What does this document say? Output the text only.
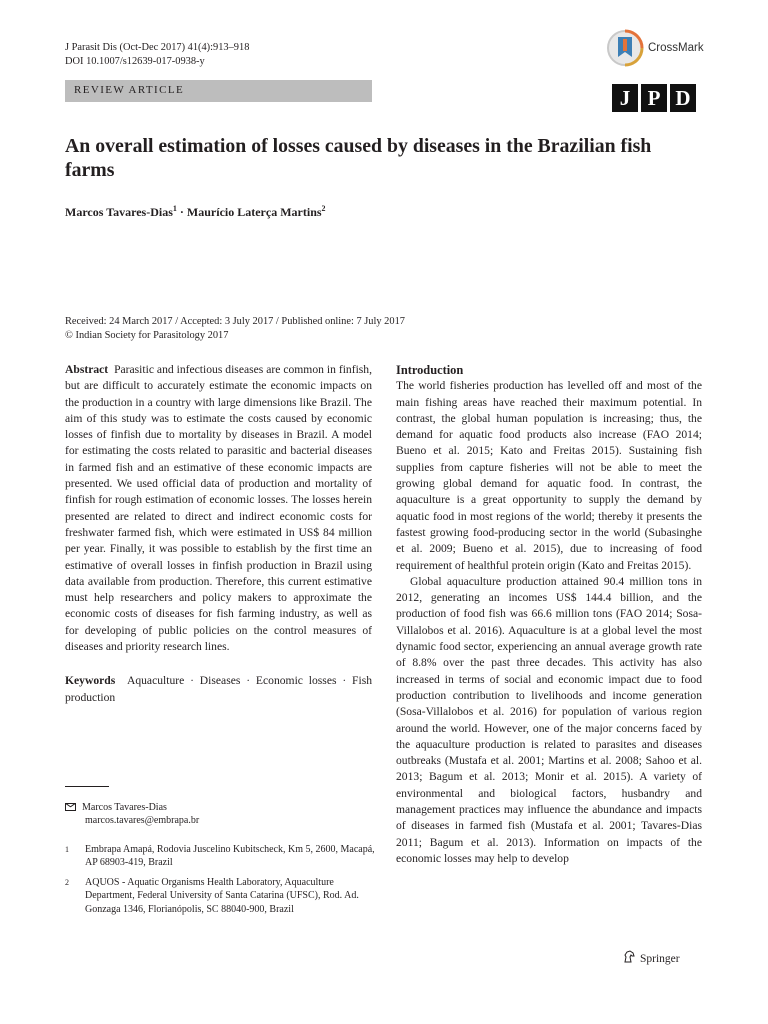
J Parasit Dis (Oct-Dec 2017) 41(4):913–918
DOI 10.1007/s12639-017-0938-y
REVIEW ARTICLE
CrossMark
J P D
An overall estimation of losses caused by diseases in the Brazilian fish farms
Marcos Tavares-Dias$^1$ · Maurício Laterça Martins$^2$
Received: 24 March 2017 / Accepted: 3 July 2017 / Published online: 7 July 2017
© Indian Society for Parasitology 2017

Abstract Parasitic and infectious diseases are common in finfish, but are difficult to accurately estimate the economic impacts on the production in a country with large dimensions like Brazil. The aim of this study was to estimate the costs caused by economic losses of finfish due to mortality by diseases in Brazil. A model for estimating the costs related to parasitic and bacterial diseases in farmed fish and an estimative of these economic impacts are presented. We used official data of production and mortality of finfish for rough estimation of economic losses. The losses herein presented are related to direct and indirect economic costs for freshwater farmed fish, which were estimated in US$ 84 million per year. Finally, it was possible to establish by the first time an estimative of overall losses in finfish production in Brazil using data available from production. Therefore, this current estimative must help researchers and policy makers to approximate the economic costs of diseases for fish farming industry, as well as for developing of public policies on the control measures of diseases and priority research lines.

Keywords Aquaculture · Diseases · Economic losses · Fish production

Marcos Tavares-Dias
marcos.tavares@embrapa.br
1 Embrapa Amapá, Rodovia Juscelino Kubitscheck, Km 5, 2600, Macapá, AP 68903-419, Brazil
2 AQUOS - Aquatic Organisms Health Laboratory, Aquaculture Department, Federal University of Santa Catarina (UFSC), Rod. Ad. Gonzaga 1346, Florianópolis, SC 88040-900, Brazil

Introduction

The world fisheries production has levelled off and most of the main fishing areas have reached their maximum potential. In contrast, the global human population is increasing; thus, the demand for aquatic food products also increase (FAO 2014; Bueno et al. 2015; Kato and Freitas 2015). Sustaining fish supplies from capture fisheries will not be able to meet the growing global demand for aquatic food. In contrast, the aquaculture is a great opportunity to supply the demand by aquatic food in most regions of the world; thereby it presents the fastest growing food-producing sector in the world (Subasinghe et al. 2009; Bueno et al. 2015), due to increasing of food requirement of healthful protein origin (Kato and Freitas 2015).

Global aquaculture production attained 90.4 million tons in 2012, generating an incomes US$ 144.4 billion, and the production of food fish was 66.6 million tons (FAO 2014; Sosa-Villalobos et al. 2016). Aquaculture is at a global level the most dynamic food sector, experiencing an annual average growth rate of 8.8% over the past three decades. This activity has also increased in terms of social and economic impact due to food production contribution to livelihoods and income generation (Sosa-Villalobos et al. 2016) for population of various region around the world. However, one of the major concerns faced by the aquaculture production is related to parasites and diseases outbreaks (Mustafa et al. 2001; Martins et al. 2008; Sahoo et al. 2013; Bagum et al. 2013; Monir et al. 2015). A variety of environmental and biological factors, husbandry and management practices may influence the abundance and impacts of diseases in farmed fish (Mustafa et al. 2001; Tavares-Dias 2011; Bagum et al. 2013). Information on impacts of the economic losses may help to develop

Springer
